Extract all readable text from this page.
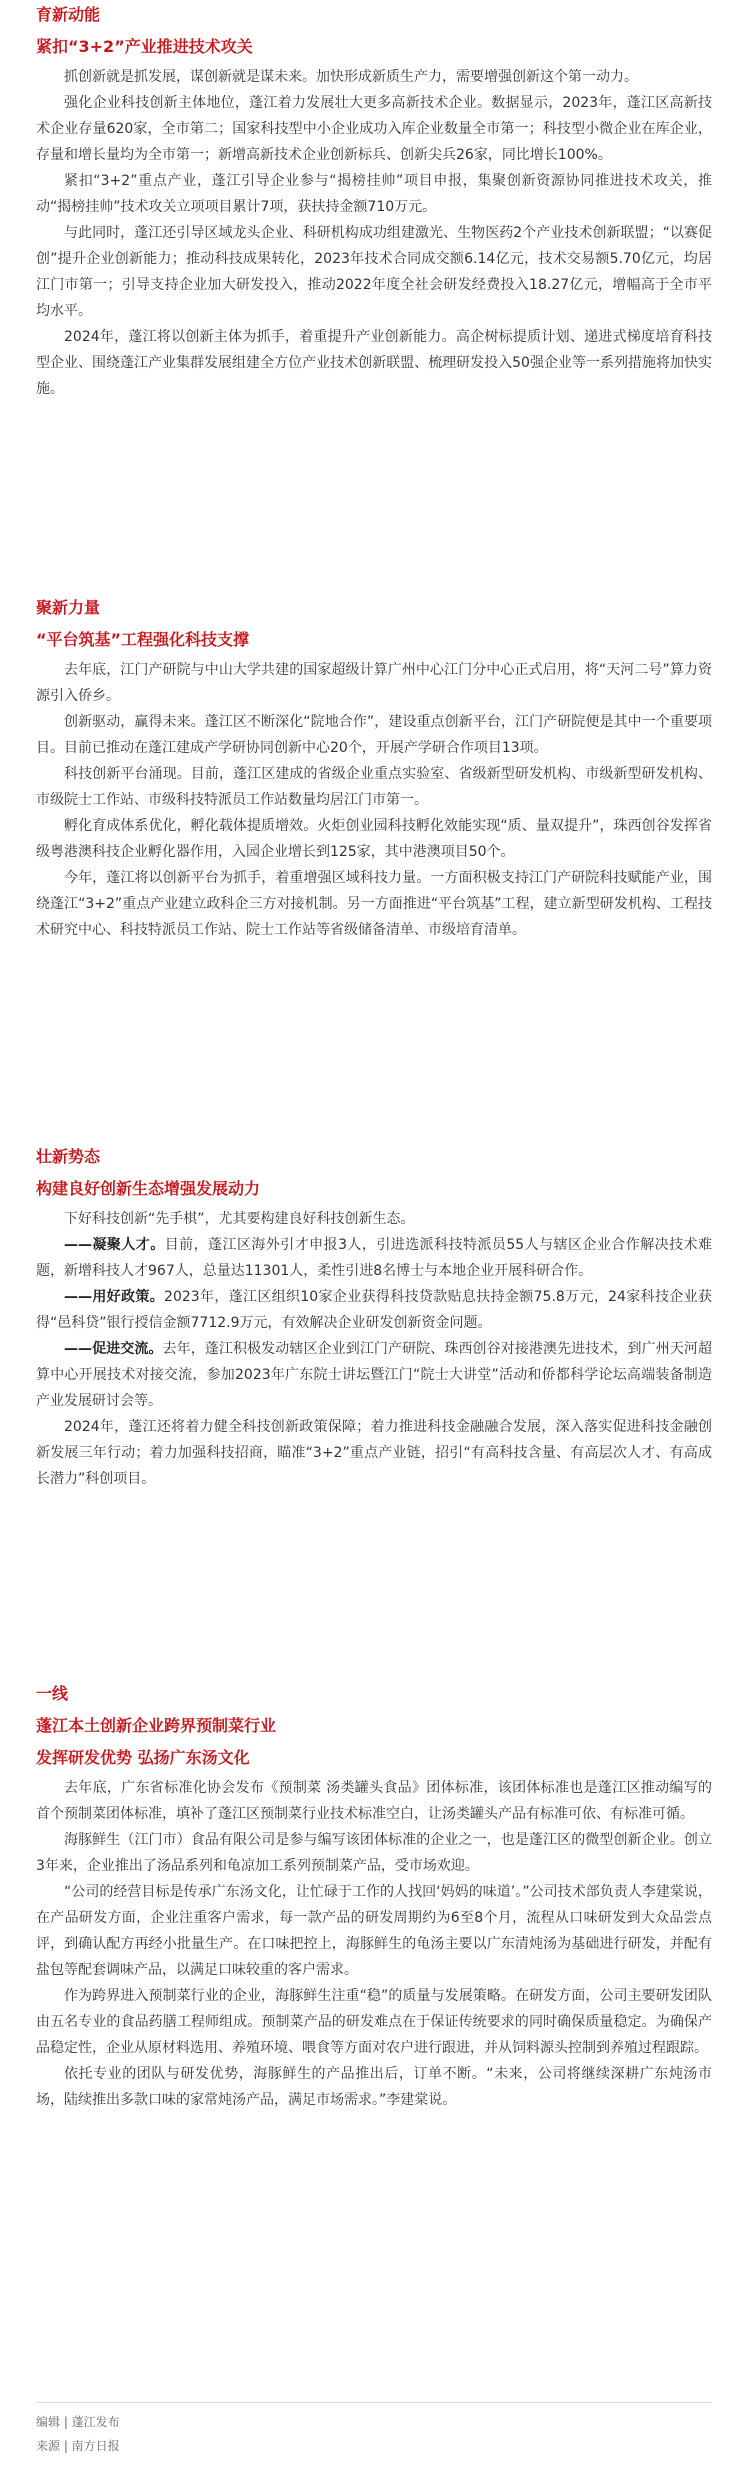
育新动能

紧扣“3+2”产业推进技术攻关

抓创新就是抓发展，谋创新就是谋未来。加快形成新质生产力，需要增强创新这个第一动力。

强化企业科技创新主体地位，蓬江着力发展壮大更多高新技术企业。数据显示，2023年，蓬江区高新技术企业存量620家，全市第二；国家科技型中小企业成功入库企业数量全市第一；科技型小微企业在库企业，存量和增长量均为全市第一；新增高新技术企业创新标兵、创新尖兵26家，同比增长100%。

紧扣“3+2”重点产业，蓬江引导企业参与“揭榜挂帅”项目申报，集聚创新资源协同推进技术攻关，推动“揭榜挂帅”技术攻关立项项目累计7项，获扶持金额710万元。

与此同时，蓬江还引导区域龙头企业、科研机构成功组建激光、生物医药2个产业技术创新联盟；“以赛促创”提升企业创新能力；推动科技成果转化，2023年技术合同成交额6.14亿元，技术交易额5.70亿元，均居江门市第一；引导支持企业加大研发投入，推动2022年度全社会研发经费投入18.27亿元，增幅高于全市平均水平。

2024年，蓬江将以创新主体为抓手，着重提升产业创新能力。高企树标提质计划、递进式梯度培育科技型企业、围绕蓬江产业集群发展组建全方位产业技术创新联盟、梳理研发投入50强企业等一系列措施将加快实施。

聚新力量

“平台筑基”工程强化科技支撑

去年底，江门产研院与中山大学共建的国家超级计算广州中心江门分中心正式启用，将“天河二号”算力资源引入侨乡。

创新驱动，赢得未来。蓬江区不断深化“院地合作”，建设重点创新平台，江门产研院便是其中一个重要项目。目前已推动在蓬江建成产学研协同创新中心20个，开展产学研合作项目13项。

科技创新平台涌现。目前，蓬江区建成的省级企业重点实验室、省级新型研发机构、市级新型研发机构、市级院士工作站、市级科技特派员工作站数量均居江门市第一。

孵化育成体系优化，孵化载体提质增效。火炬创业园科技孵化效能实现“质、量双提升”，珠西创谷发挥省级粤港澳科技企业孵化器作用，入园企业增长到125家，其中港澳项目50个。

今年，蓬江将以创新平台为抓手，着重增强区域科技力量。一方面积极支持江门产研院科技赋能产业，围绕蓬江“3+2”重点产业建立政科企三方对接机制。另一方面推进“平台筑基”工程，建立新型研发机构、工程技术研究中心、科技特派员工作站、院士工作站等省级储备清单、市级培育清单。

壮新势态

构建良好创新生态增强发展动力

下好科技创新“先手棋”，尤其要构建良好科技创新生态。

——凝聚人才。目前，蓬江区海外引才申报3人，引进选派科技特派员55人与辖区企业合作解决技术难题，新增科技人才967人，总量达11301人，柔性引进8名博士与本地企业开展科研合作。

——用好政策。2023年，蓬江区组织10家企业获得科技贷款贴息扶持金额75.8万元，24家科技企业获得“邑科贷”银行授信金额7712.9万元，有效解决企业研发创新资金问题。

——促进交流。去年，蓬江积极发动辖区企业到江门产研院、珠西创谷对接港澳先进技术，到广州天河超算中心开展技术对接交流，参加2023年广东院士讲坛暨江门“院士大讲堂”活动和侨都科学论坛高端装备制造产业发展研讨会等。

2024年，蓬江还将着力健全科技创新政策保障；着力推进科技金融融合发展，深入落实促进科技金融创新发展三年行动；着力加强科技招商，瞄准“3+2”重点产业链，招引“有高科技含量、有高层次人才、有高成长潜力”科创项目。

一线

蓬江本土创新企业跨界预制菜行业

发挥研发优势 弘扬广东汤文化

去年底，广东省标准化协会发布《预制菜 汤类罐头食品》团体标准，该团体标准也是蓬江区推动编写的首个预制菜团体标准，填补了蓬江区预制菜行业技术标准空白，让汤类罐头产品有标准可依、有标准可循。

海豚鲜生（江门市）食品有限公司是参与编写该团体标准的企业之一，也是蓬江区的微型创新企业。创立3年来，企业推出了汤品系列和龟凉加工系列预制菜产品，受市场欢迎。

“公司的经营目标是传承广东汤文化，让忙碌于工作的人找回‘妈妈的味道’。”公司技术部负责人李建棠说，在产品研发方面，企业注重客户需求，每一款产品的研发周期约为6至8个月，流程从口味研发到大众品尝点评，到确认配方再经小批量生产。在口味把控上，海豚鲜生的龟汤主要以广东清炖汤为基础进行研发，并配有盐包等配套调味产品，以满足口味较重的客户需求。

作为跨界进入预制菜行业的企业，海豚鲜生注重“稳”的质量与发展策略。在研发方面，公司主要研发团队由五名专业的食品药膳工程师组成。预制菜产品的研发难点在于保证传统要求的同时确保质量稳定。为确保产品稳定性，企业从原材料选用、养殖环境、喂食等方面对农户进行跟进，并从饲料源头控制到养殖过程跟踪。

依托专业的团队与研发优势，海豚鲜生的产品推出后，订单不断。“未来，公司将继续深耕广东炖汤市场，陆续推出多款口味的家常炖汤产品，满足市场需求。”李建棠说。

编辑 | 蓬江发布
来源 | 南方日报
